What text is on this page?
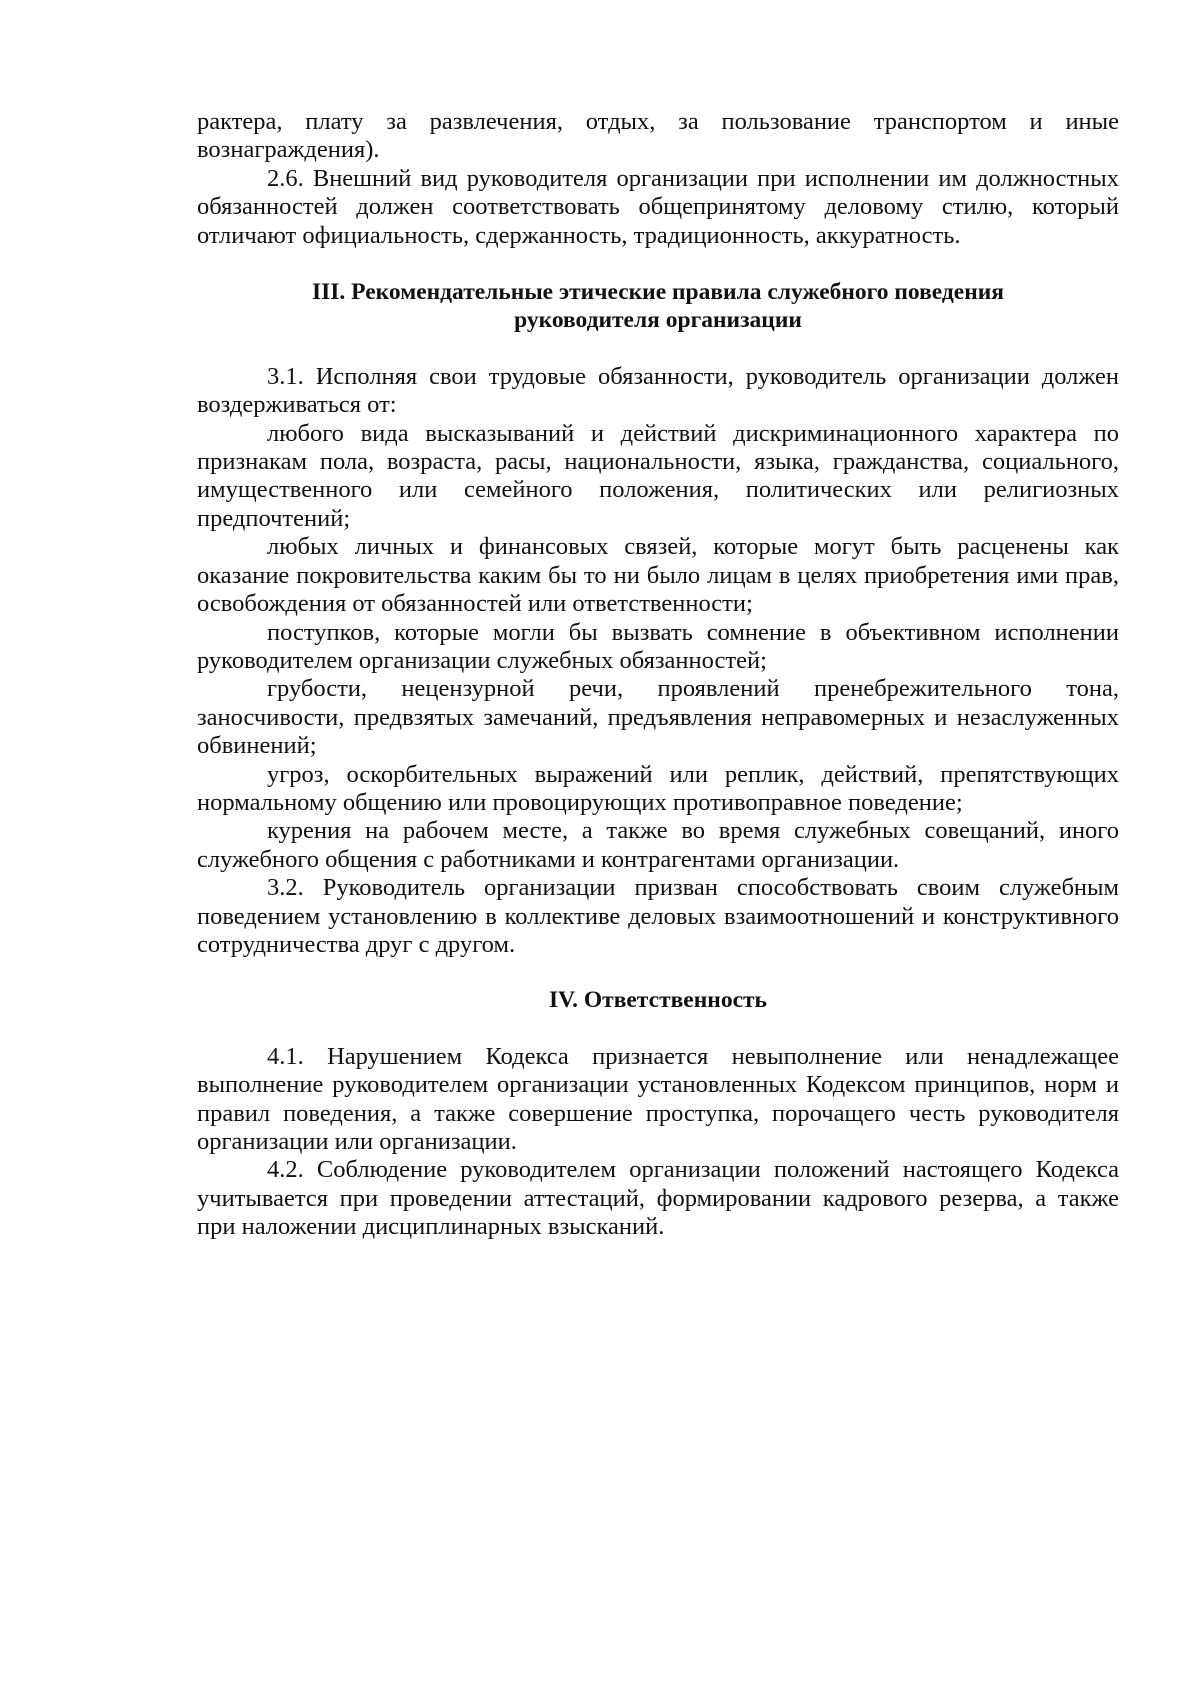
рактера, плату за развлечения, отдых, за пользование транспортом и иные вознаграждения).

2.6. Внешний вид руководителя организации при исполнении им должностных обязанностей должен соответствовать общепринятому деловому стилю, который отличают официальность, сдержанность, традиционность, аккуратность.

III. Рекомендательные этические правила служебного поведения руководителя организации

3.1. Исполняя свои трудовые обязанности, руководитель организации должен воздерживаться от:

любого вида высказываний и действий дискриминационного характера по признакам пола, возраста, расы, национальности, языка, гражданства, социального, имущественного или семейного положения, политических или религиозных предпочтений;

любых личных и финансовых связей, которые могут быть расценены как оказание покровительства каким бы то ни было лицам в целях приобретения ими прав, освобождения от обязанностей или ответственности;

поступков, которые могли бы вызвать сомнение в объективном исполнении руководителем организации служебных обязанностей;

грубости, нецензурной речи, проявлений пренебрежительного тона, заносчивости, предвзятых замечаний, предъявления неправомерных и незаслуженных обвинений;

угроз, оскорбительных выражений или реплик, действий, препятствующих нормальному общению или провоцирующих противоправное поведение;

курения на рабочем месте, а также во время служебных совещаний, иного служебного общения с работниками и контрагентами организации.

3.2. Руководитель организации призван способствовать своим служебным поведением установлению в коллективе деловых взаимоотношений и конструктивного сотрудничества друг с другом.

IV. Ответственность

4.1. Нарушением Кодекса признается невыполнение или ненадлежащее выполнение руководителем организации установленных Кодексом принципов, норм и правил поведения, а также совершение проступка, порочащего честь руководителя организации или организации.

4.2. Соблюдение руководителем организации положений настоящего Кодекса учитывается при проведении аттестаций, формировании кадрового резерва, а также при наложении дисциплинарных взысканий.
